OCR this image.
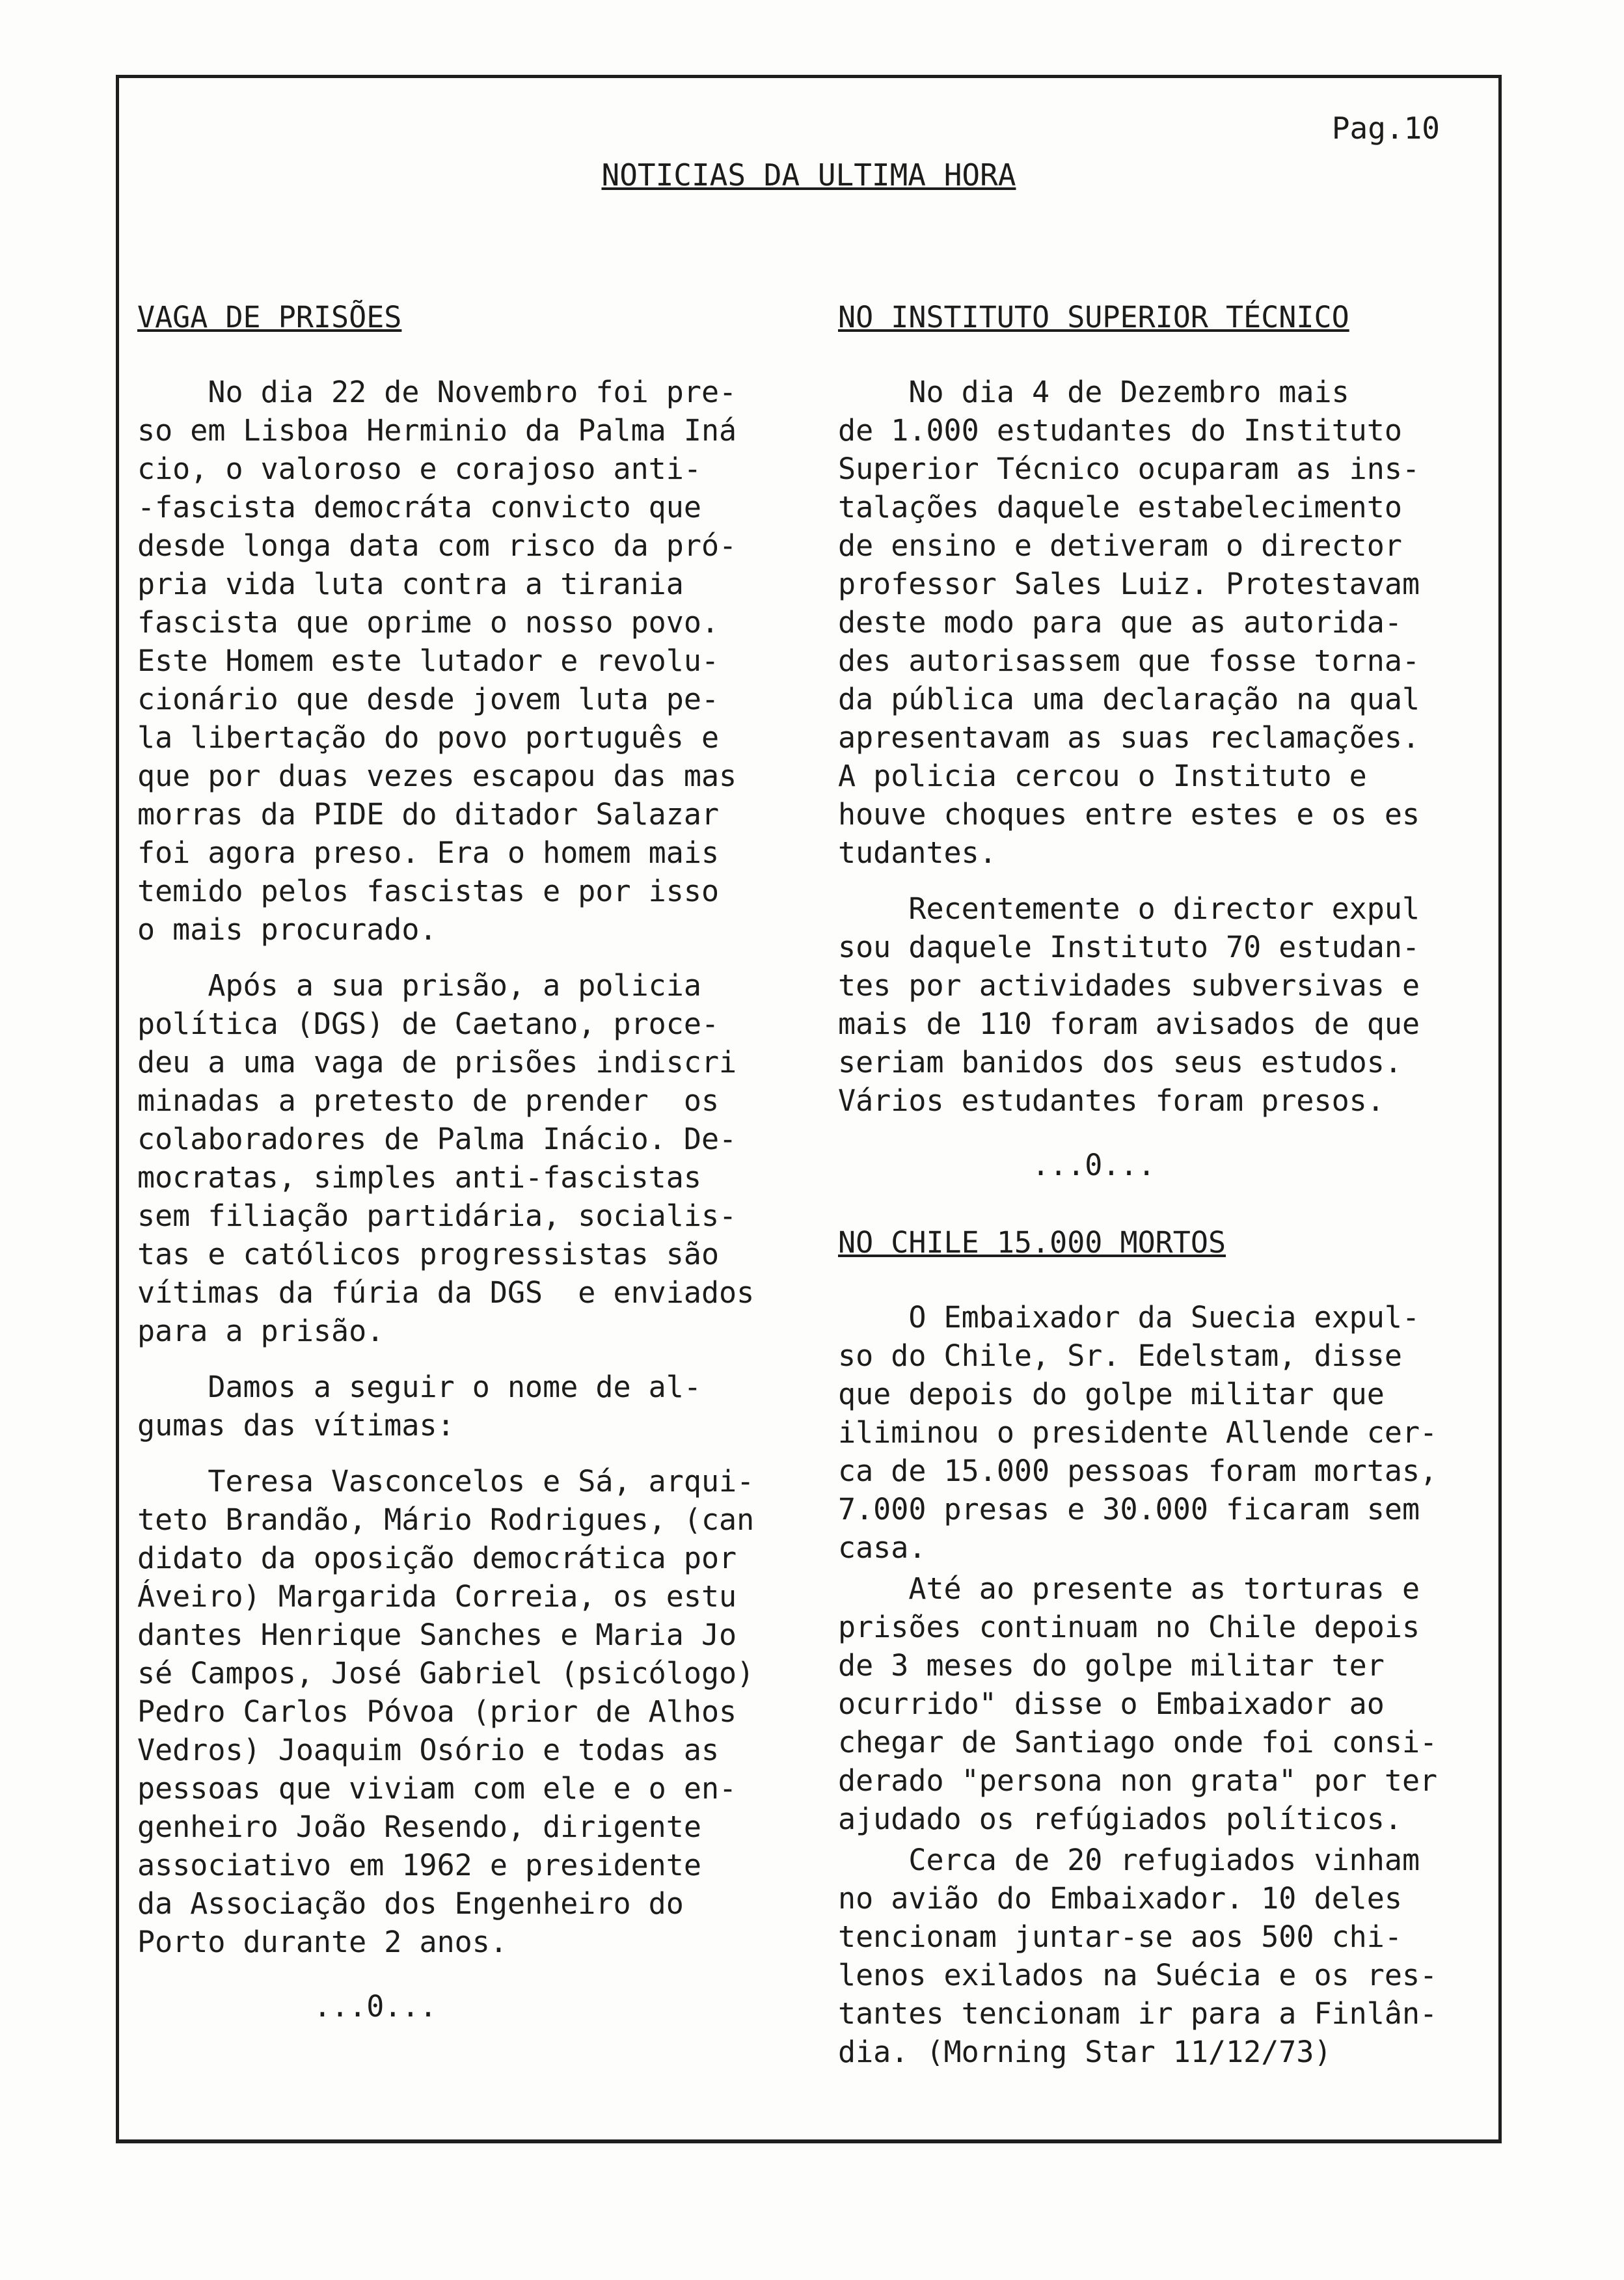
Pag.10
NOTICIAS DA ULTIMA HORA
VAGA DE PRISÕES
No dia 22 de Novembro foi pre-
so em Lisboa Herminio da Palma Iná
cio, o valoroso e corajoso anti-
-fascista democráta convicto que
desde longa data com risco da pró-
pria vida luta contra a tirania
fascista que oprime o nosso povo.
Este Homem este lutador e revolu-
cionário que desde jovem luta pe-
la libertação do povo português e
que por duas vezes escapou das mas
morras da PIDE do ditador Salazar
foi agora preso. Era o homem mais
temido pelos fascistas e por isso
o mais procurado.
Após a sua prisão, a policia
política (DGS) de Caetano, proce-
deu a uma vaga de prisões indiscri
minadas a pretesto de prender  os
colaboradores de Palma Inácio. De-
mocratas, simples anti-fascistas
sem filiação partidária, socialis-
tas e católicos progressistas são
vítimas da fúria da DGS  e enviados
para a prisão.
Damos a seguir o nome de al-
gumas das vítimas:
Teresa Vasconcelos e Sá, arqui-
teto Brandão, Mário Rodrigues, (can
didato da oposição democrática por
Áveiro) Margarida Correia, os estu
dantes Henrique Sanches e Maria Jo
sé Campos, José Gabriel (psicólogo)
Pedro Carlos Póvoa (prior de Alhos
Vedros) Joaquim Osório e todas as
pessoas que viviam com ele e o en-
genheiro João Resendo, dirigente
associativo em 1962 e presidente
da Associação dos Engenheiro do
Porto durante 2 anos.
...0...
NO INSTITUTO SUPERIOR TÉCNICO
No dia 4 de Dezembro mais
de 1.000 estudantes do Instituto
Superior Técnico ocuparam as ins-
talações daquele estabelecimento
de ensino e detiveram o director
professor Sales Luiz. Protestavam
deste modo para que as autorida-
des autorisassem que fosse torna-
da pública uma declaração na qual
apresentavam as suas reclamações.
A policia cercou o Instituto e
houve choques entre estes e os es
tudantes.
Recentemente o director expul
sou daquele Instituto 70 estudan-
tes por actividades subversivas e
mais de 110 foram avisados de que
seriam banidos dos seus estudos.
Vários estudantes foram presos.
...0...
NO CHILE 15.000 MORTOS
O Embaixador da Suecia expul-
so do Chile, Sr. Edelstam, disse
que depois do golpe militar que
iliminou o presidente Allende cer-
ca de 15.000 pessoas foram mortas,
7.000 presas e 30.000 ficaram sem
casa.
Até ao presente as torturas e
prisões continuam no Chile depois
de 3 meses do golpe militar ter
ocurrido" disse o Embaixador ao
chegar de Santiago onde foi consi-
derado "persona non grata" por ter
ajudado os refúgiados políticos.
Cerca de 20 refugiados vinham
no avião do Embaixador. 10 deles
tencionam juntar-se aos 500 chi-
lenos exilados na Suécia e os res-
tantes tencionam ir para a Finlân-
dia. (Morning Star 11/12/73)
